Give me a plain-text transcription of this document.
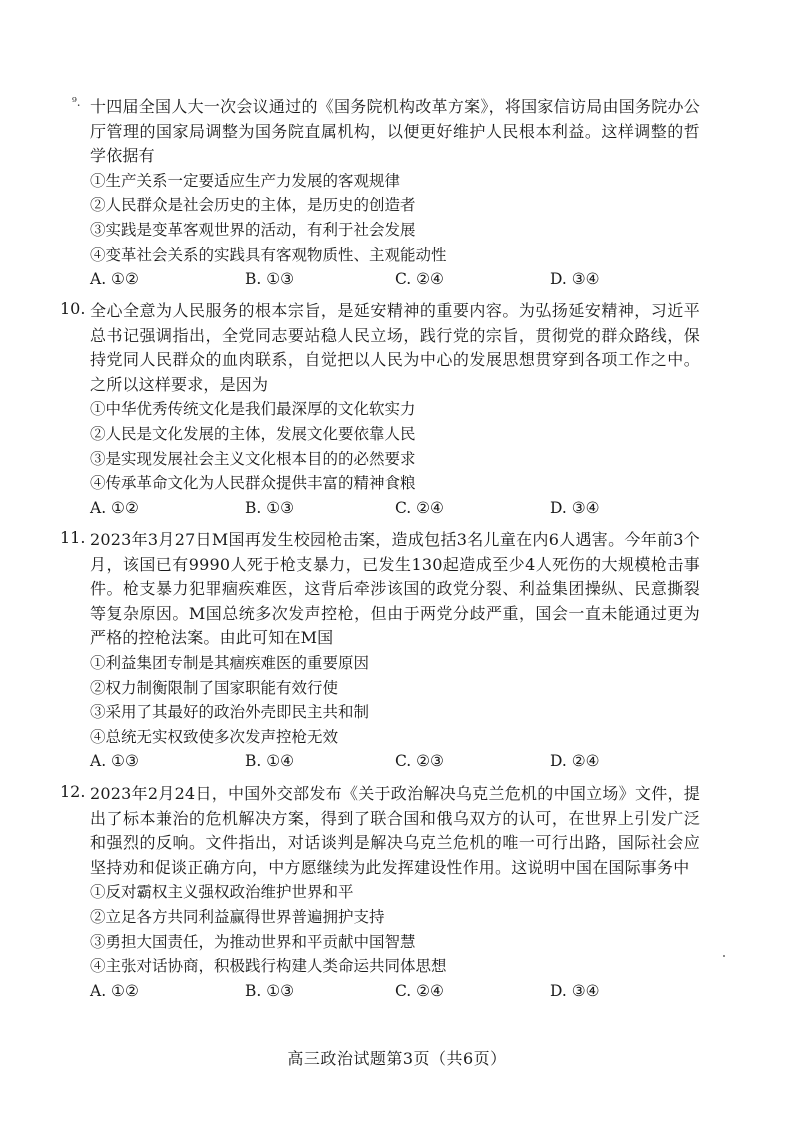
⁹. 十四届全国人大一次会议通过的《国务院机构改革方案》，将国家信访局由国务院办公厅管理的国家局调整为国务院直属机构，以便更好维护人民根本利益。这样调整的哲学依据有

①生产关系一定要适应生产力发展的客观规律

②人民群众是社会历史的主体，是历史的创造者

③实践是变革客观世界的活动，有利于社会发展

④变革社会关系的实践具有客观物质性、主观能动性

A. ①②	B. ①③	C. ②④	D. ③④
10. 全心全意为人民服务的根本宗旨，是延安精神的重要内容。为弘扬延安精神，习近平总书记强调指出，全党同志要站稳人民立场，践行党的宗旨，贯彻党的群众路线，保持党同人民群众的血肉联系，自觉把以人民为中心的发展思想贯穿到各项工作之中。之所以这样要求，是因为

①中华优秀传统文化是我们最深厚的文化软实力

②人民是文化发展的主体，发展文化要依靠人民

③是实现发展社会主义文化根本目的的必然要求

④传承革命文化为人民群众提供丰富的精神食粮

A. ①②	B. ①③	C. ②④	D. ③④
11. 2023年3月27日M国再发生校园枪击案，造成包括3名儿童在内6人遇害。今年前3个月，该国已有9990人死于枪支暴力，已发生130起造成至少4人死伤的大规模枪击事件。枪支暴力犯罪痼疾难医，这背后牵涉该国的政党分裂、利益集团操纵、民意撕裂等复杂原因。M国总统多次发声控枪，但由于两党分歧严重，国会一直未能通过更为严格的控枪法案。由此可知在M国

①利益集团专制是其痼疾难医的重要原因

②权力制衡限制了国家职能有效行使

③采用了其最好的政治外壳即民主共和制

④总统无实权致使多次发声控枪无效

A. ①③	B. ①④	C. ②③	D. ②④
12. 2023年2月24日，中国外交部发布《关于政治解决乌克兰危机的中国立场》文件，提出了标本兼治的危机解决方案，得到了联合国和俄乌双方的认可，在世界上引发广泛和强烈的反响。文件指出，对话谈判是解决乌克兰危机的唯一可行出路，国际社会应坚持劝和促谈正确方向，中方愿继续为此发挥建设性作用。这说明中国在国际事务中

①反对霸权主义强权政治维护世界和平

②立足各方共同利益赢得世界普遍拥护支持

③勇担大国责任，为推动世界和平贡献中国智慧

④主张对话协商，积极践行构建人类命运共同体思想

A. ①②	B. ①③	C. ②④	D. ③④
高三政治试题第3页（共6页）
